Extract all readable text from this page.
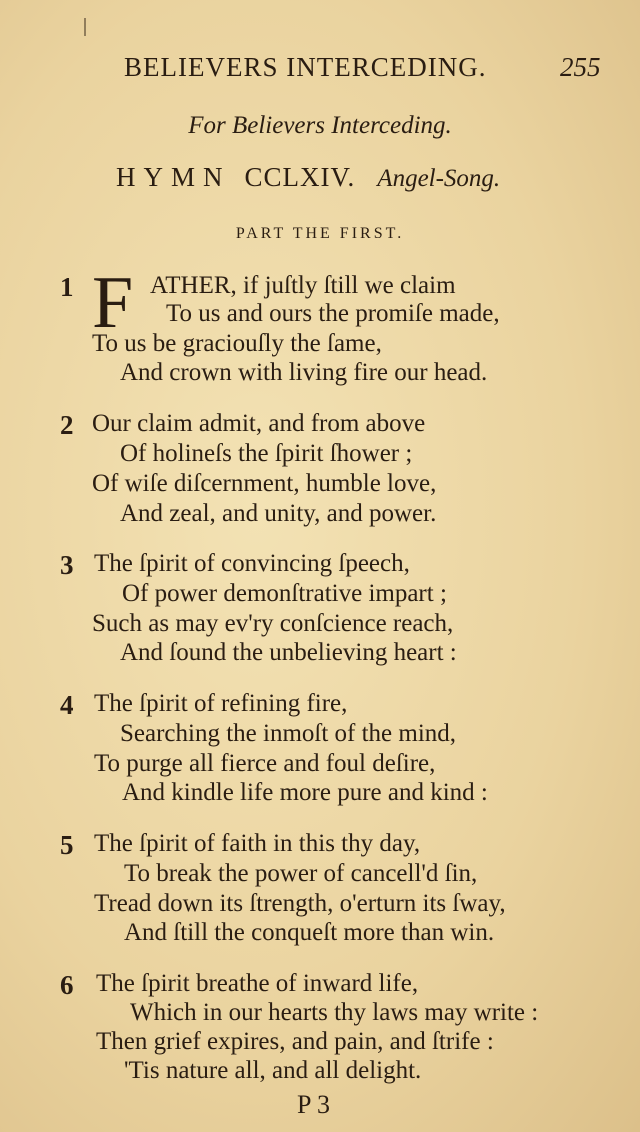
BELIEVERS INTERCEDING.	255
For Believers Interceding.
HYMN CCLXIV. Angel-Song.
PART THE FIRST.
1 F ATHER, if juſtly ſtill we claim
To us and ours the promiſe made,
To us be graciouſly the ſame,
And crown with living fire our head.
2 Our claim admit, and from above
Of holineſs the ſpirit ſhower ;
Of wiſe diſcernment, humble love,
And zeal, and unity, and power.
3 The ſpirit of convincing ſpeech,
Of power demonſtrative impart ;
Such as may ev'ry conſcience reach,
And ſound the unbelieving heart :
4 The ſpirit of refining fire,
Searching the inmoſt of the mind,
To purge all fierce and foul deſire,
And kindle life more pure and kind :
5 The ſpirit of faith in this thy day,
To break the power of cancell'd ſin,
Tread down its ſtrength, o'erturn its ſway,
And ſtill the conqueſt more than win.
6 The ſpirit breathe of inward life,
Which in our hearts thy laws may write :
Then grief expires, and pain, and ſtrife :
'Tis nature all, and all delight.
P 3
